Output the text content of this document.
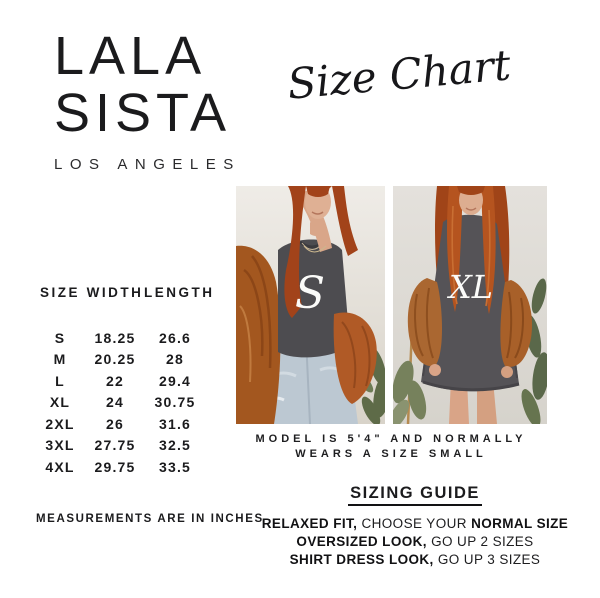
LALA
SISTA
LOS ANGELES
Size Chart
SIZE WIDTH LENGTH
S	18.25	26.6
M	20.25	28
L	22	29.4
XL	24	30.75
2XL	26	31.6
3XL	27.75	32.5
4XL	29.75	33.5
MEASUREMENTS ARE IN INCHES
S	XL
MODEL IS 5'4" AND NORMALLY
WEARS A SIZE SMALL
SIZING GUIDE
RELAXED FIT, CHOOSE YOUR NORMAL SIZE
OVERSIZED LOOK, GO UP 2 SIZES
SHIRT DRESS LOOK, GO UP 3 SIZES
